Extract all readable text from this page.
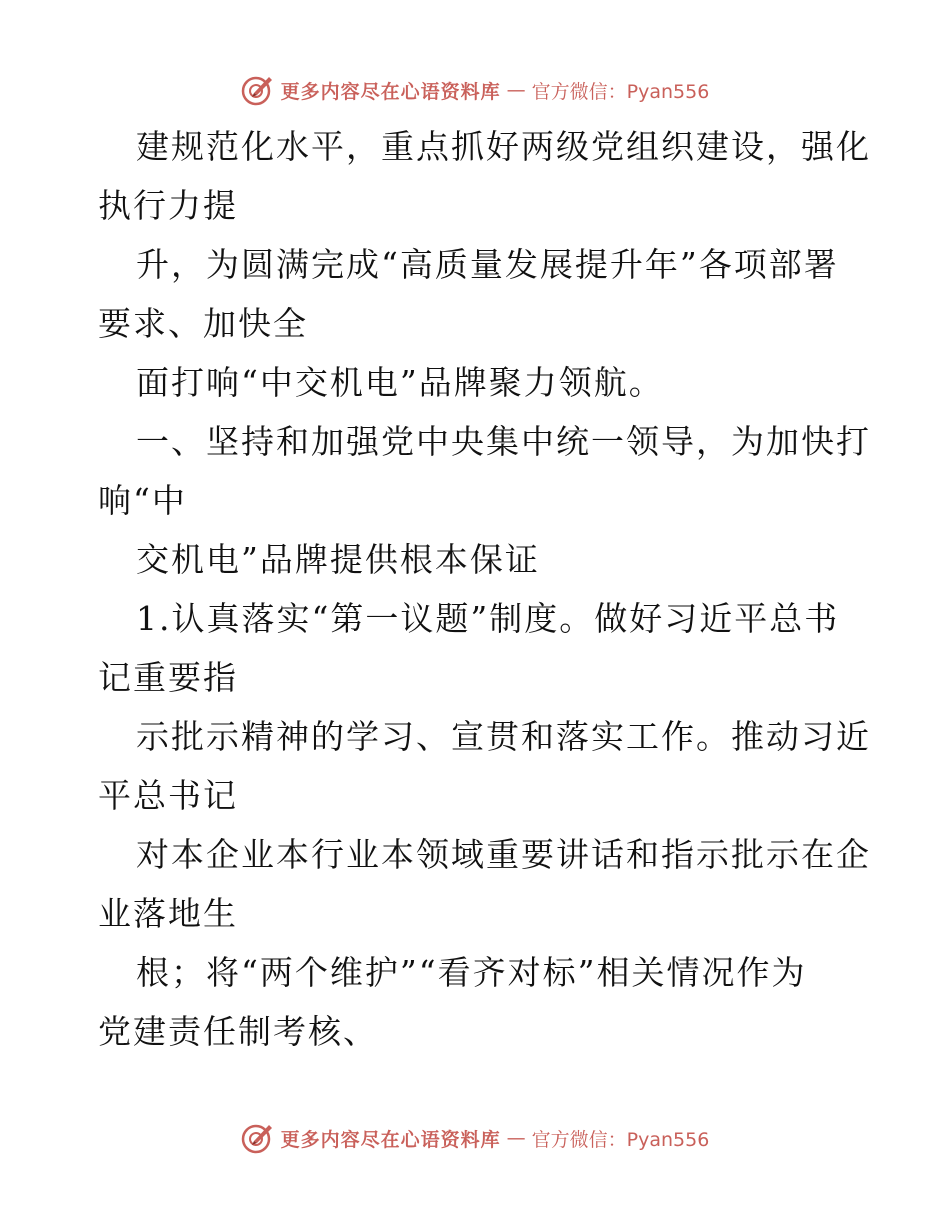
更多内容尽在心语资料库 — 官方微信：Pyan556
建规范化水平，重点抓好两级党组织建设，强化
执行力提
升，为圆满完成“高质量发展提升年”各项部署
要求、加快全
面打响“中交机电”品牌聚力领航。
一、坚持和加强党中央集中统一领导，为加快打
响“中
交机电”品牌提供根本保证
1.认真落实“第一议题”制度。做好习近平总书
记重要指
示批示精神的学习、宣贯和落实工作。推动习近
平总书记
对本企业本行业本领域重要讲话和指示批示在企
业落地生
根；将“两个维护”“看齐对标”相关情况作为
党建责任制考核、
更多内容尽在心语资料库 — 官方微信：Pyan556
